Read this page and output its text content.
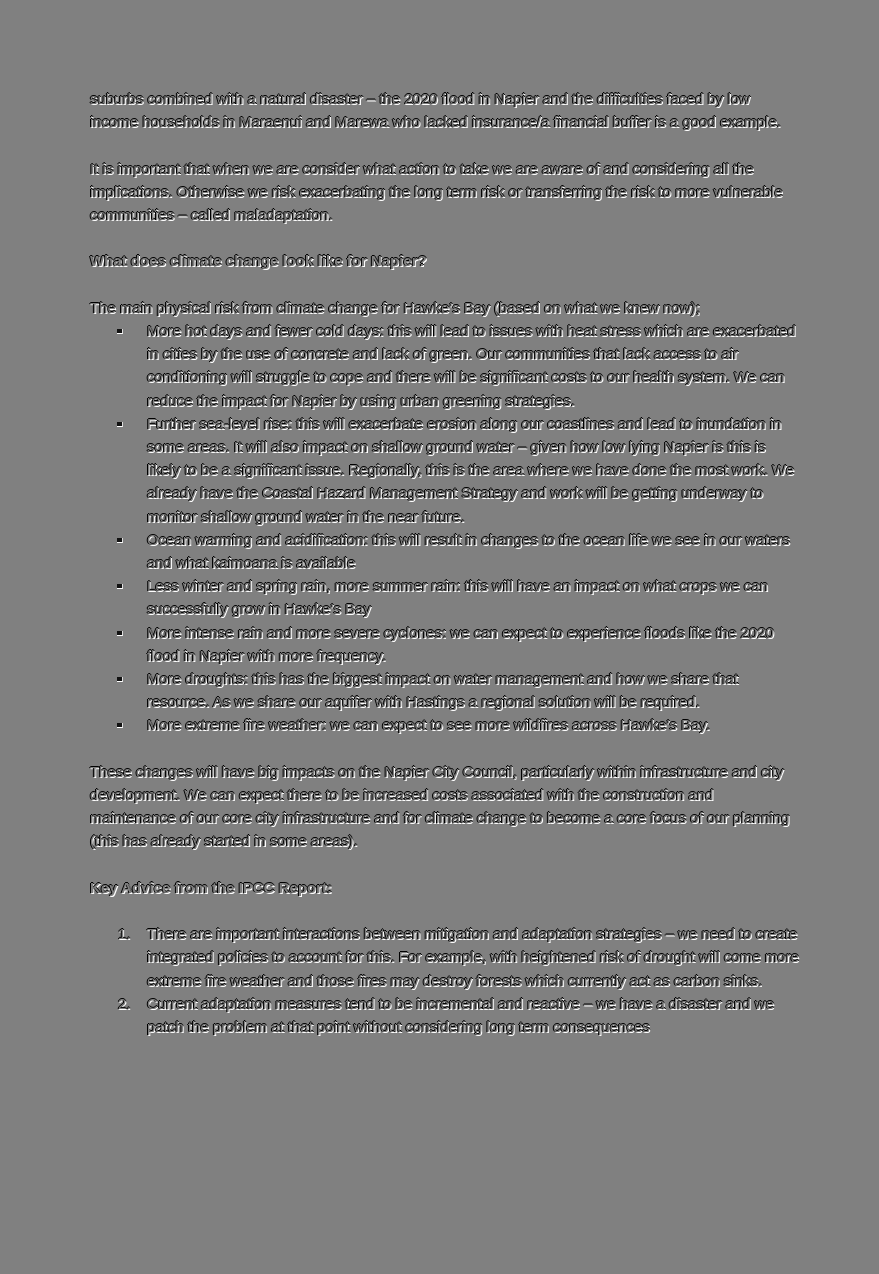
suburbs combined with a natural disaster – the 2020 flood in Napier and the difficulties faced by low income households in Maraenui and Marewa who lacked insurance/a financial buffer is a good example.

It is important that when we are consider what action to take we are aware of and considering all the implications. Otherwise we risk exacerbating the long term risk or transferring the risk to more vulnerable communities – called maladaptation.

What does climate change look like for Napier?

The main physical risk from climate change for Hawke’s Bay (based on what we knew now);

More hot days and fewer cold days: this will lead to issues with heat stress which are exacerbated in cities by the use of concrete and lack of green. Our communities that lack access to air conditioning will struggle to cope and there will be significant costs to our health system. We can reduce the impact for Napier by using urban greening strategies.
Further sea-level rise: this will exacerbate erosion along our coastlines and lead to inundation in some areas. It will also impact on shallow ground water – given how low lying Napier is this is likely to be a significant issue. Regionally, this is the area where we have done the most work. We already have the Coastal Hazard Management Strategy and work will be getting underway to monitor shallow ground water in the near future.
Ocean warming and acidification: this will result in changes to the ocean life we see in our waters and what kaimoana is available
Less winter and spring rain, more summer rain: this will have an impact on what crops we can successfully grow in Hawke’s Bay
More intense rain and more severe cyclones: we can expect to experience floods like the 2020 flood in Napier with more frequency.
More droughts: this has the biggest impact on water management and how we share that resource. As we share our aquifer with Hastings a regional solution will be required.
More extreme fire weather: we can expect to see more wildfires across Hawke’s Bay.

These changes will have big impacts on the Napier City Council, particularly within infrastructure and city development. We can expect there to be increased costs associated with the construction and maintenance of our core city infrastructure and for climate change to become a core focus of our planning (this has already started in some areas).

Key Advice from the IPCC Report:

1. There are important interactions between mitigation and adaptation strategies – we need to create integrated policies to account for this. For example, with heightened risk of drought will come more extreme fire weather and those fires may destroy forests which currently act as carbon sinks.
2. Current adaptation measures tend to be incremental and reactive – we have a disaster and we patch the problem at that point without considering long term consequences
